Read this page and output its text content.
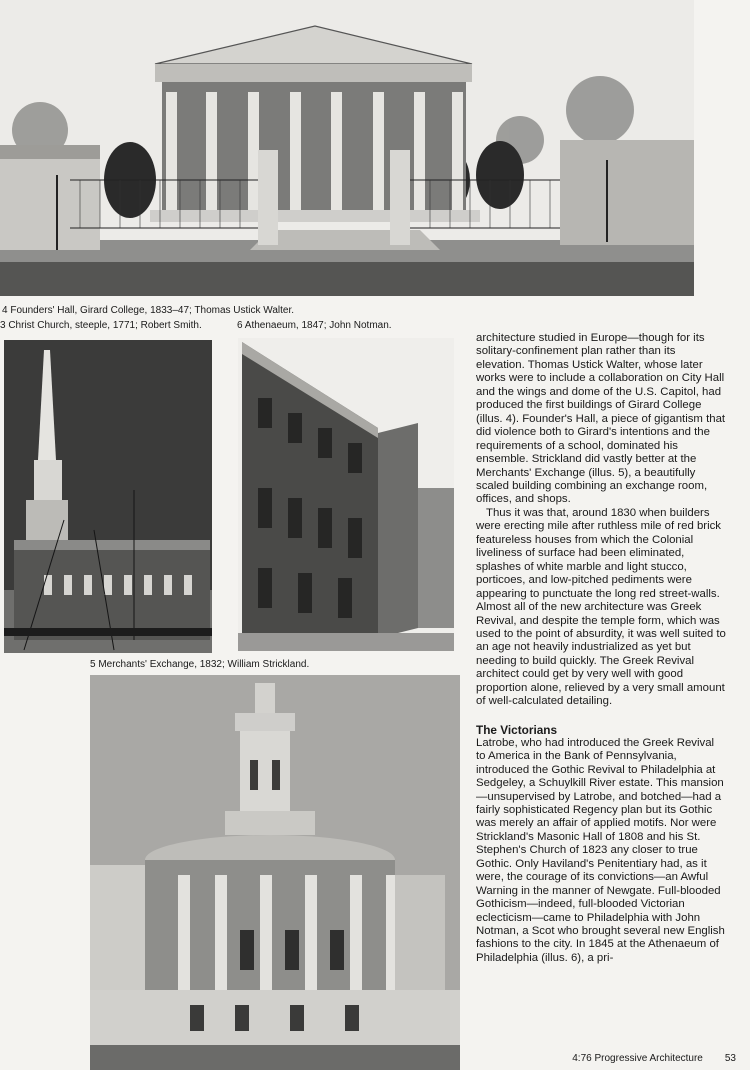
4 Founders' Hall, Girard College, 1833–47; Thomas Ustick Walter.
3 Christ Church, steeple, 1771; Robert Smith.	6 Athenaeum, 1847; John Notman.
5 Merchants' Exchange, 1832; William Strickland.

architecture studied in Europe—though for its solitary-confinement plan rather than its elevation. Thomas Ustick Walter, whose later works were to include a collaboration on City Hall and the wings and dome of the U.S. Capitol, had produced the first buildings of Girard College (illus. 4). Founder's Hall, a piece of gigantism that did violence both to Girard's intentions and the requirements of a school, dominated his ensemble. Strickland did vastly better at the Merchants' Exchange (illus. 5), a beautifully scaled building combining an exchange room, offices, and shops.

Thus it was that, around 1830 when builders were erecting mile after ruthless mile of red brick featureless houses from which the Colonial liveliness of surface had been eliminated, splashes of white marble and light stucco, porticoes, and low-pitched pediments were appearing to punctuate the long red street-walls. Almost all of the new architecture was Greek Revival, and despite the temple form, which was used to the point of absurdity, it was well suited to an age not heavily industrialized as yet but needing to build quickly. The Greek Revival architect could get by very well with good proportion alone, relieved by a very small amount of well-calculated detailing.

The Victorians

Latrobe, who had introduced the Greek Revival to America in the Bank of Pennsylvania, introduced the Gothic Revival to Philadelphia at Sedgeley, a Schuylkill River estate. This mansion—unsupervised by Latrobe, and botched—had a fairly sophisticated Regency plan but its Gothic was merely an affair of applied motifs. Nor were Strickland's Masonic Hall of 1808 and his St. Stephen's Church of 1823 any closer to true Gothic. Only Haviland's Penitentiary had, as it were, the courage of its convictions—an Awful Warning in the manner of Newgate. Full-blooded Gothicism—indeed, full-blooded Victorian eclecticism—came to Philadelphia with John Notman, a Scot who brought several new English fashions to the city. In 1845 at the Athenaeum of Philadelphia (illus. 6), a pri-

4:76 Progressive Architecture 53
